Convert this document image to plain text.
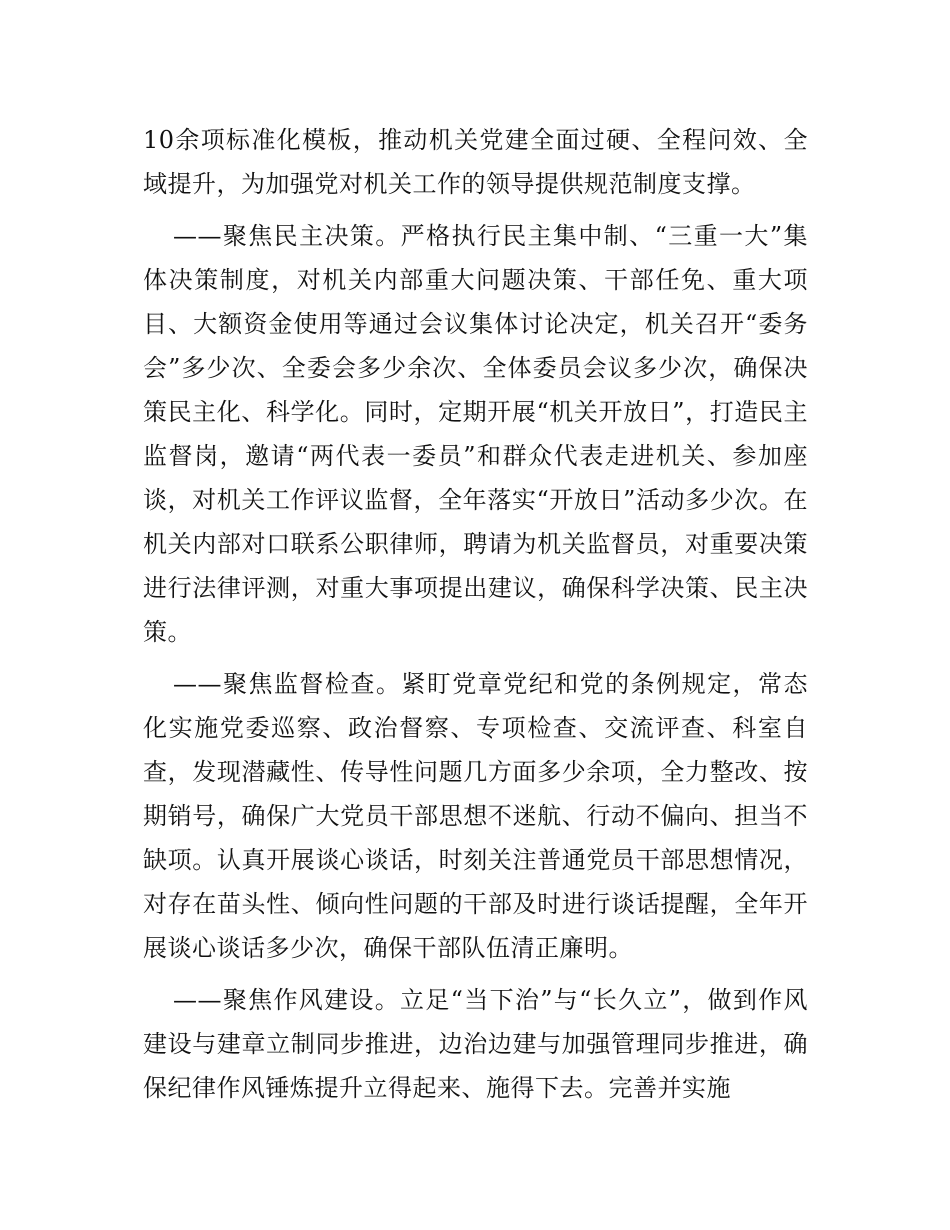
10余项标准化模板，推动机关党建全面过硬、全程问效、全域提升，为加强党对机关工作的领导提供规范制度支撑。

——聚焦民主决策。严格执行民主集中制、“三重一大”集体决策制度，对机关内部重大问题决策、干部任免、重大项目、大额资金使用等通过会议集体讨论决定，机关召开“委务会”多少次、全委会多少余次、全体委员会议多少次，确保决策民主化、科学化。同时，定期开展“机关开放日”，打造民主监督岗，邀请“两代表一委员”和群众代表走进机关、参加座谈，对机关工作评议监督，全年落实“开放日”活动多少次。在机关内部对口联系公职律师，聘请为机关监督员，对重要决策进行法律评测，对重大事项提出建议，确保科学决策、民主决策。

——聚焦监督检查。紧盯党章党纪和党的条例规定，常态化实施党委巡察、政治督察、专项检查、交流评查、科室自查，发现潜藏性、传导性问题几方面多少余项，全力整改、按期销号，确保广大党员干部思想不迷航、行动不偏向、担当不缺项。认真开展谈心谈话，时刻关注普通党员干部思想情况，对存在苗头性、倾向性问题的干部及时进行谈话提醒，全年开展谈心谈话多少次，确保干部队伍清正廉明。

——聚焦作风建设。立足“当下治”与“长久立”，做到作风建设与建章立制同步推进，边治边建与加强管理同步推进，确保纪律作风锤炼提升立得起来、施得下去。完善并实施
